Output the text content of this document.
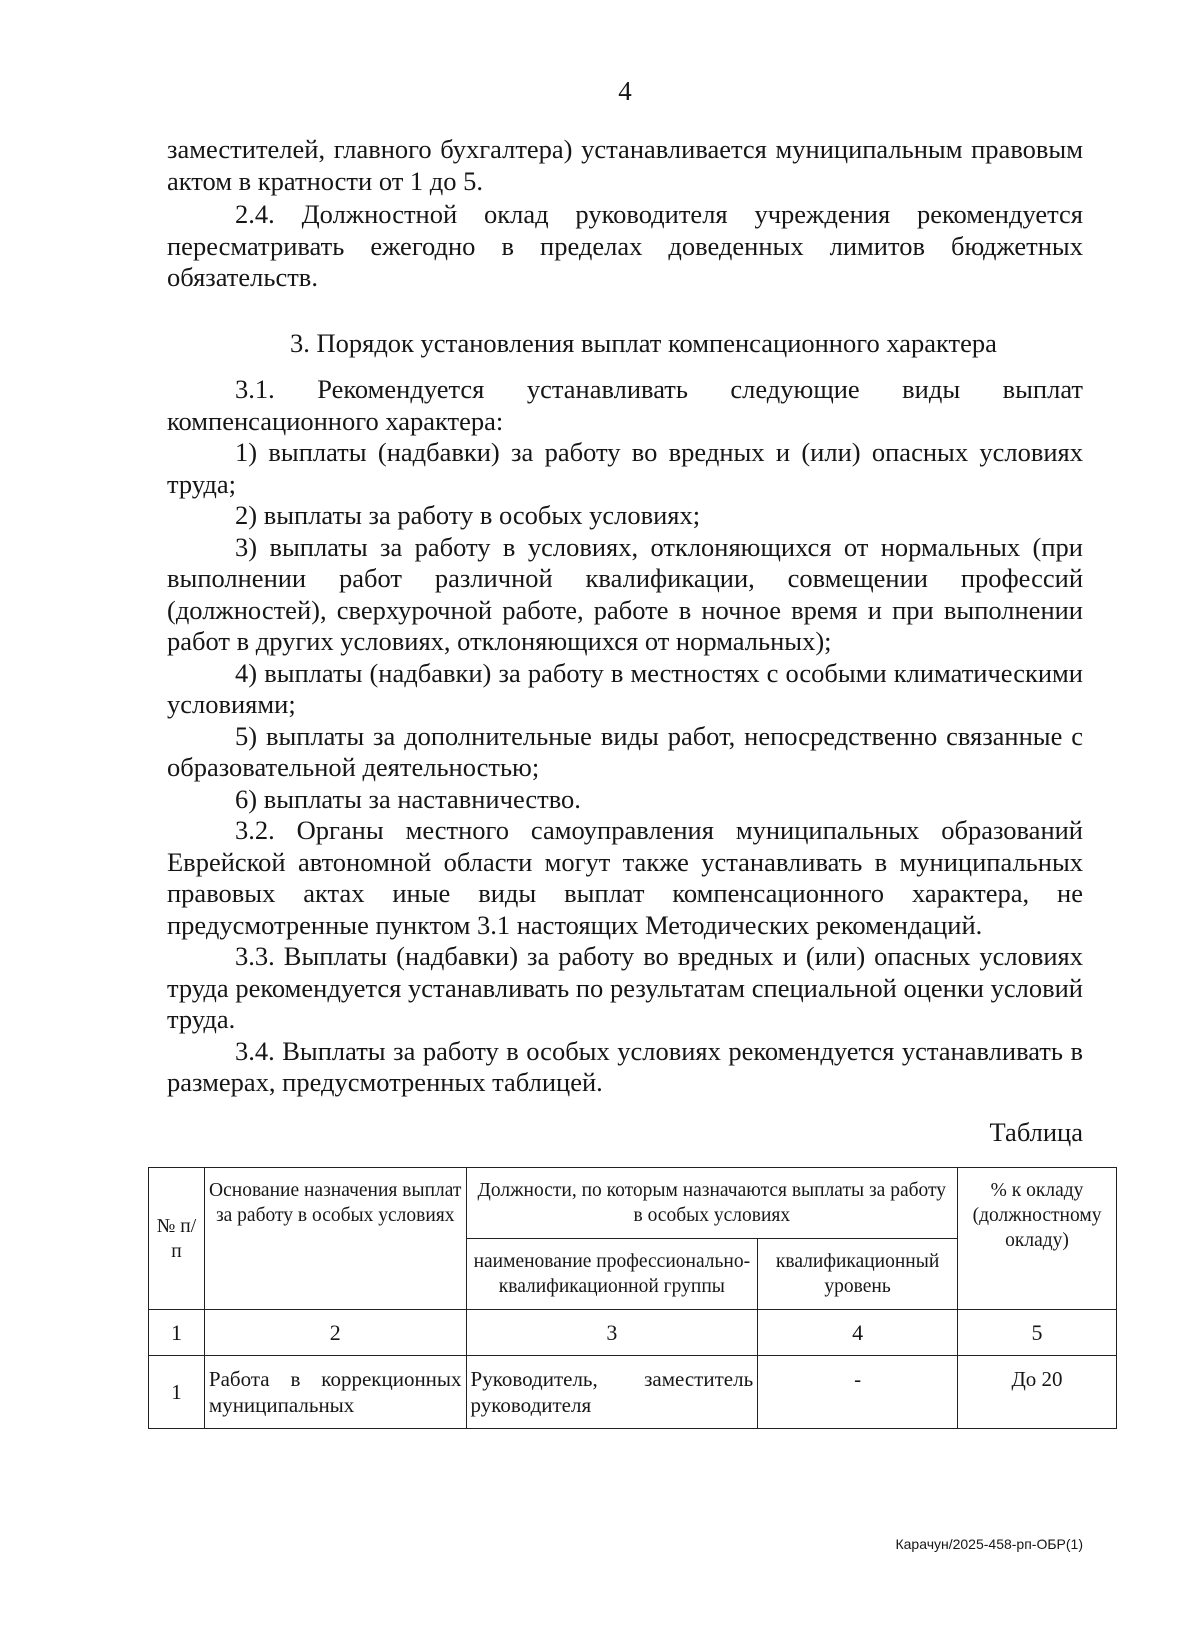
4

заместителей, главного бухгалтера) устанавливается муниципальным правовым актом в кратности от 1 до 5.

2.4. Должностной оклад руководителя учреждения рекомендуется пересматривать ежегодно в пределах доведенных лимитов бюджетных обязательств.

3. Порядок установления выплат компенсационного характера

3.1. Рекомендуется устанавливать следующие виды выплат компенсационного характера:

1) выплаты (надбавки) за работу во вредных и (или) опасных условиях труда;

2) выплаты за работу в особых условиях;

3) выплаты за работу в условиях, отклоняющихся от нормальных (при выполнении работ различной квалификации, совмещении профессий (должностей), сверхурочной работе, работе в ночное время и при выполнении работ в других условиях, отклоняющихся от нормальных);

4) выплаты (надбавки) за работу в местностях с особыми климатическими условиями;

5) выплаты за дополнительные виды работ, непосредственно связанные с образовательной деятельностью;

6) выплаты за наставничество.

3.2. Органы местного самоуправления муниципальных образований Еврейской автономной области могут также устанавливать в муниципальных правовых актах иные виды выплат компенсационного характера, не предусмотренные пунктом 3.1 настоящих Методических рекомендаций.

3.3. Выплаты (надбавки) за работу во вредных и (или) опасных условиях труда рекомендуется устанавливать по результатам специальной оценки условий труда.

3.4. Выплаты за работу в особых условиях рекомендуется устанавливать в размерах, предусмотренных таблицей.

Таблица
№ п/п	Основание назначения выплат за работу в особых условиях	Должности, по которым назначаются выплаты за работу в особых условиях		% к окладу (должностному окладу)
		наименование профессионально-квалификационной группы	квалификационный уровень	
1	2	3	4	5
1	Работа в коррекционных муниципальных	Руководитель, заместитель руководителя	-	До 20
Карачун/2025-458-рп-ОБР(1)
